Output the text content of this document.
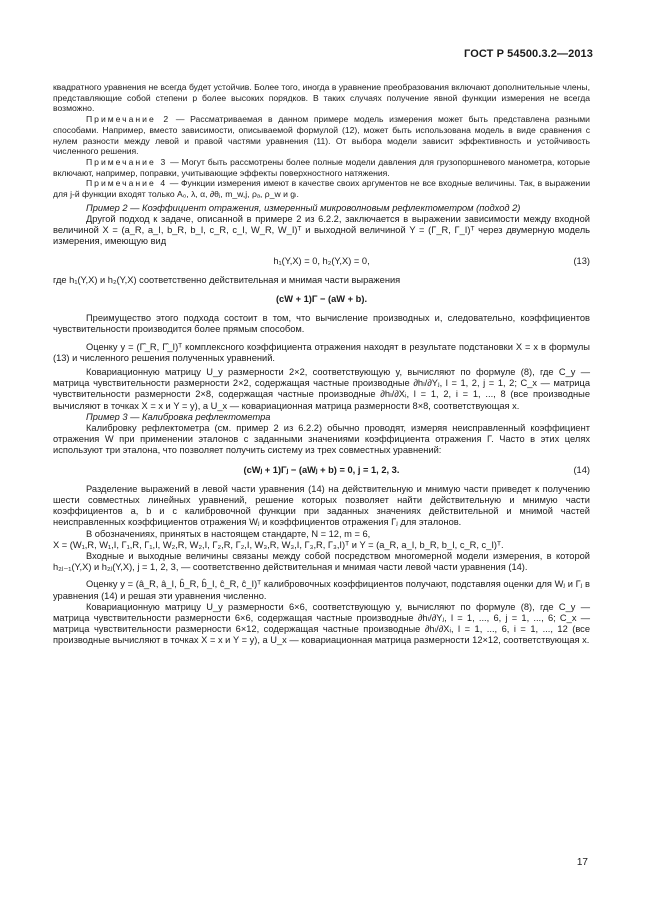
ГОСТ Р 54500.3.2—2013

квадратного уравнения не всегда будет устойчив. Более того, иногда в уравнение преобразования включают дополнительные члены, представляющие собой степени p более высоких порядков. В таких случаях получение явной функции измерения не всегда возможно.

Примечание 2 — Рассматриваемая в данном примере модель измерения может быть представлена разными способами. Например, вместо зависимости, описываемой формулой (12), может быть использована модель в виде сравнения с нулем разности между левой и правой частями уравнения (11). От выбора модели зависит эффективность и устойчивость численного решения.

Примечание 3 — Могут быть рассмотрены более полные модели давления для грузопоршневого манометра, которые включают, например, поправки, учитывающие эффекты поверхностного натяжения.

Примечание 4 — Функции измерения имеют в качестве своих аргументов не все входные величины. Так, в выражении для j-й функции входят только A₀, λ, α, ∂θⱼ, m_w,j, ρₐ, ρ_w и gₗ.

Пример 2 — Коэффициент отражения, измеренный микроволновым рефлектометром (подход 2)

Другой подход к задаче, описанной в примере 2 из 6.2.2, заключается в выражении зависимости между входной величиной X = (a_R, a_I, b_R, b_I, c_R, c_I, W_R, W_I)ᵀ и выходной величиной Y = (Γ_R, Γ_I)ᵀ через двумерную модель измерения, имеющую вид

h₁(Y,X) = 0, h₂(Y,X) = 0,	(13)

где h₁(Y,X) и h₂(Y,X) соответственно действительная и мнимая части выражения

(cW + 1)Γ − (aW + b).

Преимущество этого подхода состоит в том, что вычисление производных и, следовательно, коэффициентов чувствительности производится более прямым способом.

Оценку y = (Γ̂_R, Γ̂_I)ᵀ комплексного коэффициента отражения находят в результате подстановки X = x в формулы (13) и численного решения полученных уравнений.

Ковариационную матрицу U_y размерности 2×2, соответствующую y, вычисляют по формуле (8), где C_y — матрица чувствительности размерности 2×2, содержащая частные производные ∂hₗ/∂Yⱼ, l = 1, 2, j = 1, 2; C_x — матрица чувствительности размерности 2×8, содержащая частные производные ∂hₗ/∂Xᵢ, l = 1, 2, i = 1, ..., 8 (все производные вычисляют в точках X = x и Y = y), а U_x — ковариационная матрица размерности 8×8, соответствующая x.

Пример 3 — Калибровка рефлектометра

Калибровку рефлектометра (см. пример 2 из 6.2.2) обычно проводят, измеряя неисправленный коэффициент отражения W при применении эталонов с заданными значениями коэффициента отражения Γ. Часто в этих целях используют три эталона, что позволяет получить систему из трех совместных уравнений:

(cWⱼ + 1)Γⱼ − (aWⱼ + b) = 0, j = 1, 2, 3.	(14)

Разделение выражений в левой части уравнения (14) на действительную и мнимую части приведет к получению шести совместных линейных уравнений, решение которых позволяет найти действительную и мнимую части коэффициентов a, b и c калибровочной функции при заданных значениях действительной и мнимой частей неисправленных коэффициентов отражения Wⱼ и коэффициентов отражения Γⱼ для эталонов.

В обозначениях, принятых в настоящем стандарте, N = 12, m = 6,

X = (W₁,R, W₁,I, Γ₁,R, Γ₁,I, W₂,R, W₂,I, Γ₂,R, Γ₂,I, W₃,R, W₃,I, Γ₃,R, Γ₃,I)ᵀ и Y = (a_R, a_I, b_R, b_I, c_R, c_I)ᵀ.

Входные и выходные величины связаны между собой посредством многомерной модели измерения, в которой h₂ⱼ₋₁(Y,X) и h₂ⱼ(Y,X), j = 1, 2, 3, — соответственно действительная и мнимая части левой части уравнения (14).

Оценку y = (â_R, â_I, b̂_R, b̂_I, ĉ_R, ĉ_I)ᵀ калибровочных коэффициентов получают, подставляя оценки для Wⱼ и Γⱼ в уравнения (14) и решая эти уравнения численно.

Ковариационную матрицу U_y размерности 6×6, соответствующую y, вычисляют по формуле (8), где C_y — матрица чувствительности размерности 6×6, содержащая частные производные ∂hₗ/∂Yⱼ, l = 1, ..., 6, j = 1, ..., 6; C_x — матрица чувствительности размерности 6×12, содержащая частные производные ∂hₗ/∂Xᵢ, l = 1, ..., 6, i = 1, ..., 12 (все производные вычисляют в точках X = x и Y = y), а U_x — ковариационная матрица размерности 12×12, соответствующая x.

17
